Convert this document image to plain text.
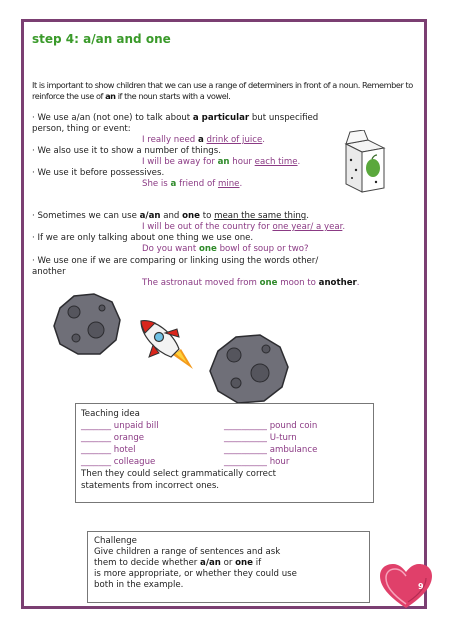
step 4: a/an and one
It is important to show children that we can use a range of determiners in front of a noun. Remember to reinforce the use of an if the noun starts with a vowel.
· We use a/an (not one) to talk about a particular but unspecified
person, thing or event:
I really need a drink of juice.
· We also use it to show a number of things.
I will be away for an hour each time.
· We use it before possessives.
She is a friend of mine.
· Sometimes we can use a/an and one to mean the same thing.
I will be out of the country for one year/ a year.
· If we are only talking about one thing we use one.
Do you want one bowl of soup or two?
· We use one if we are comparing or linking using the words other/
another
The astronaut moved from one moon to another.
Teaching idea
_______ unpaid bill
_______ orange
_______ hotel
_______ colleague
__________ pound coin
__________ U-turn
__________ ambulance
__________ hour
Then they could select grammatically correct
statements from incorrect ones.
Challenge
Give children a range of sentences and ask
them to decide whether a/an or one if
is more appropriate, or whether they could use
both in the example.	9
